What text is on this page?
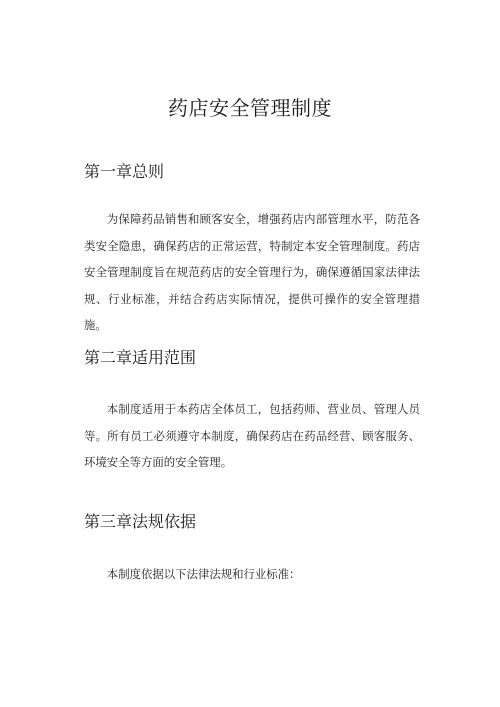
药店安全管理制度
第一章总则

为保障药品销售和顾客安全，增强药店内部管理水平，防范各类安全隐患，确保药店的正常运营，特制定本安全管理制度。药店安全管理制度旨在规范药店的安全管理行为，确保遵循国家法律法规、行业标准，并结合药店实际情况，提供可操作的安全管理措施。

第二章适用范围

本制度适用于本药店全体员工，包括药师、营业员、管理人员等。所有员工必须遵守本制度，确保药店在药品经营、顾客服务、环境安全等方面的安全管理。

第三章法规依据

本制度依据以下法律法规和行业标准：
